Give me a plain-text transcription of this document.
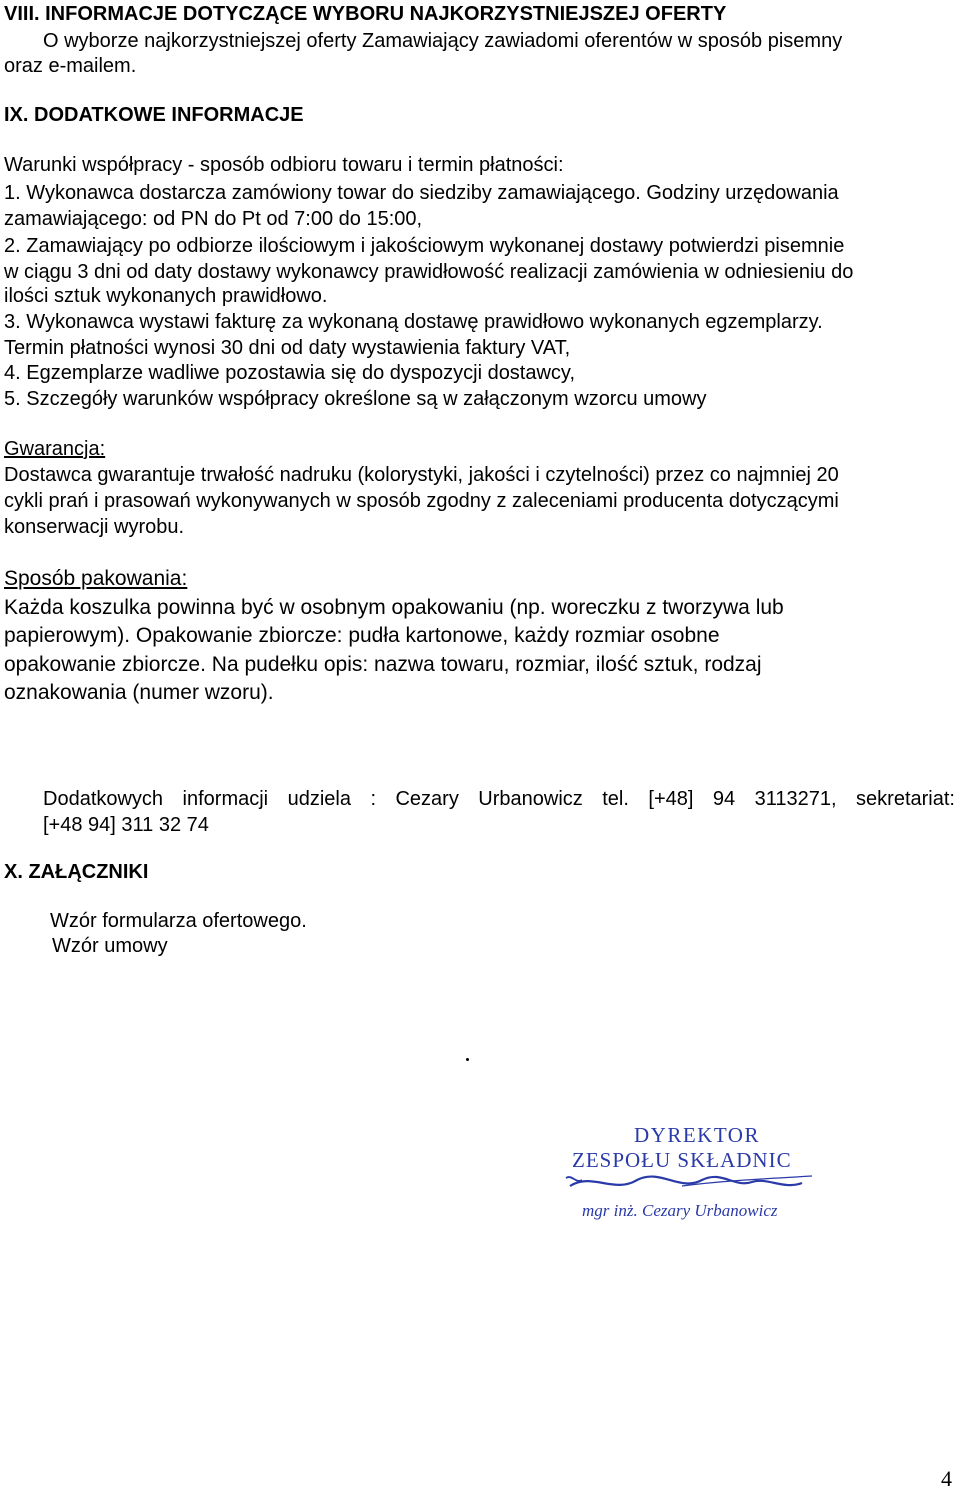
VIII. INFORMACJE DOTYCZĄCE WYBORU NAJKORZYSTNIEJSZEJ OFERTY
O wyborze najkorzystniejszej oferty Zamawiający zawiadomi oferentów w sposób pisemny
oraz e-mailem.
IX. DODATKOWE INFORMACJE
Warunki współpracy - sposób odbioru towaru i termin płatności:
1. Wykonawca dostarcza zamówiony towar do siedziby zamawiającego. Godziny urzędowania
zamawiającego: od PN do Pt od 7:00 do 15:00,
2. Zamawiający po odbiorze ilościowym i jakościowym wykonanej dostawy potwierdzi pisemnie
w ciągu 3 dni od daty dostawy wykonawcy prawidłowość realizacji zamówienia w odniesieniu do
ilości sztuk wykonanych prawidłowo.
3. Wykonawca wystawi fakturę za wykonaną dostawę prawidłowo wykonanych egzemplarzy.
Termin płatności wynosi 30 dni od daty wystawienia faktury VAT,
4. Egzemplarze wadliwe pozostawia się do dyspozycji dostawcy,
5. Szczegóły warunków współpracy określone są w załączonym wzorcu umowy
Gwarancja:
Dostawca gwarantuje trwałość nadruku (kolorystyki, jakości i czytelności) przez co najmniej 20
cykli prań i prasowań wykonywanych w sposób zgodny z zaleceniami producenta dotyczącymi
konserwacji wyrobu.
Sposób pakowania:
Każda koszulka powinna być w osobnym opakowaniu (np. woreczku z tworzywa lub
papierowym). Opakowanie zbiorcze: pudła kartonowe, każdy rozmiar osobne
opakowanie zbiorcze. Na pudełku opis: nazwa towaru, rozmiar, ilość sztuk, rodzaj
oznakowania (numer wzoru).
Dodatkowych informacji udziela : Cezary Urbanowicz tel. [+48] 94 3113271, sekretariat:
[+48 94] 311 32 74
X. ZAŁĄCZNIKI
Wzór formularza ofertowego.
Wzór umowy
DYREKTOR
ZESPOŁU SKŁADNIC
mgr inż. Cezary Urbanowicz
4
